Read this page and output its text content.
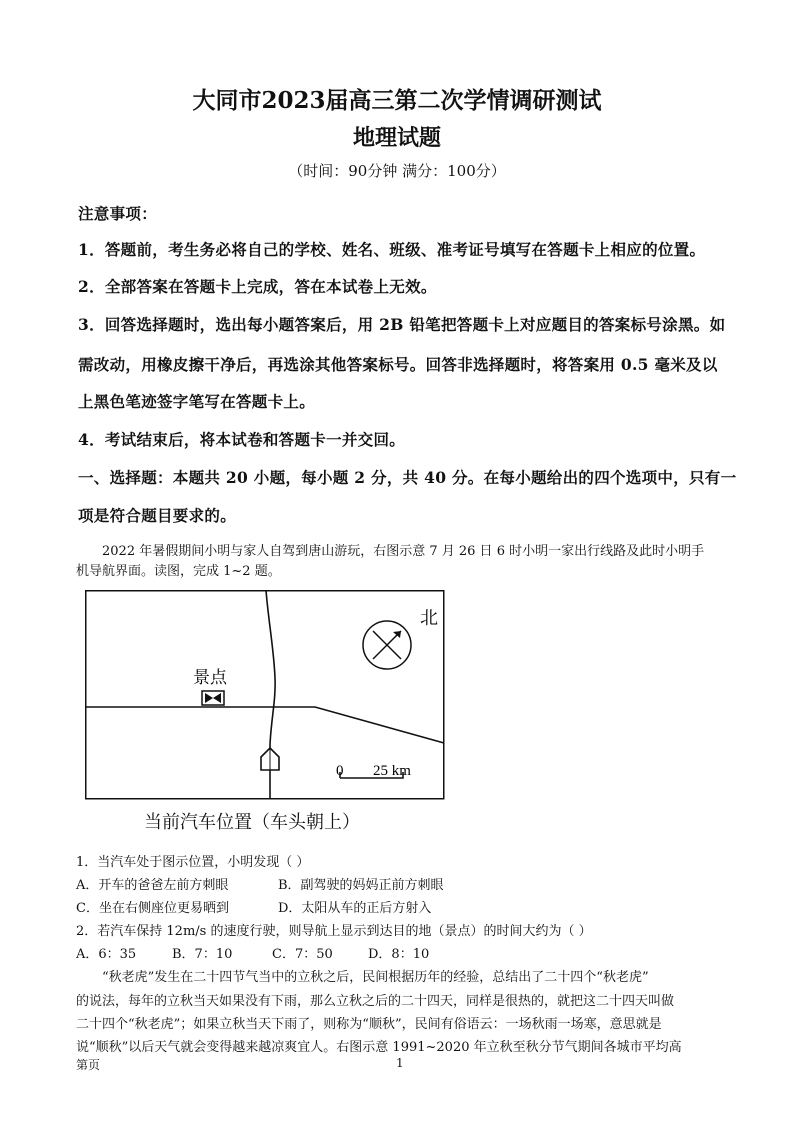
大同市2023届高三第二次学情调研测试
地理试题
（时间：90分钟 满分：100分）
注意事项：
1．答题前，考生务必将自己的学校、姓名、班级、准考证号填写在答题卡上相应的位置。
2．全部答案在答题卡上完成，答在本试卷上无效。
3．回答选择题时，选出每小题答案后，用 2B 铅笔把答题卡上对应题目的答案标号涂黑。如
需改动，用橡皮擦干净后，再选涂其他答案标号。回答非选择题时，将答案用 0.5 毫米及以
上黑色笔迹签字笔写在答题卡上。
4．考试结束后，将本试卷和答题卡一并交回。
一、选择题：本题共 20 小题，每小题 2 分，共 40 分。在每小题给出的四个选项中，只有一
项是符合题目要求的。
2022 年暑假期间小明与家人自驾到唐山游玩，右图示意 7 月 26 日 6 时小明一家出行线路及此时小明手
机导航界面。读图，完成 1~2 题。
北
景点
0 25 km
当前汽车位置（车头朝上）
1．当汽车处于图示位置，小明发现（ ）
A．开车的爸爸左前方刺眼	B．副驾驶的妈妈正前方刺眼
C．坐在右侧座位更易晒到	D．太阳从车的正后方射入
2．若汽车保持 12m/s 的速度行驶，则导航上显示到达目的地（景点）的时间大约为（ ）
A．6：35	B．7：10	C．7：50	D．8：10
“秋老虎”发生在二十四节气当中的立秋之后，民间根据历年的经验，总结出了二十四个“秋老虎”
的说法，每年的立秋当天如果没有下雨，那么立秋之后的二十四天，同样是很热的，就把这二十四天叫做
二十四个“秋老虎”；如果立秋当天下雨了，则称为“顺秋”，民间有俗语云：一场秋雨一场寒，意思就是
说“顺秋”以后天气就会变得越来越凉爽宜人。右图示意 1991~2020 年立秋至秋分节气期间各城市平均高
第页	1
